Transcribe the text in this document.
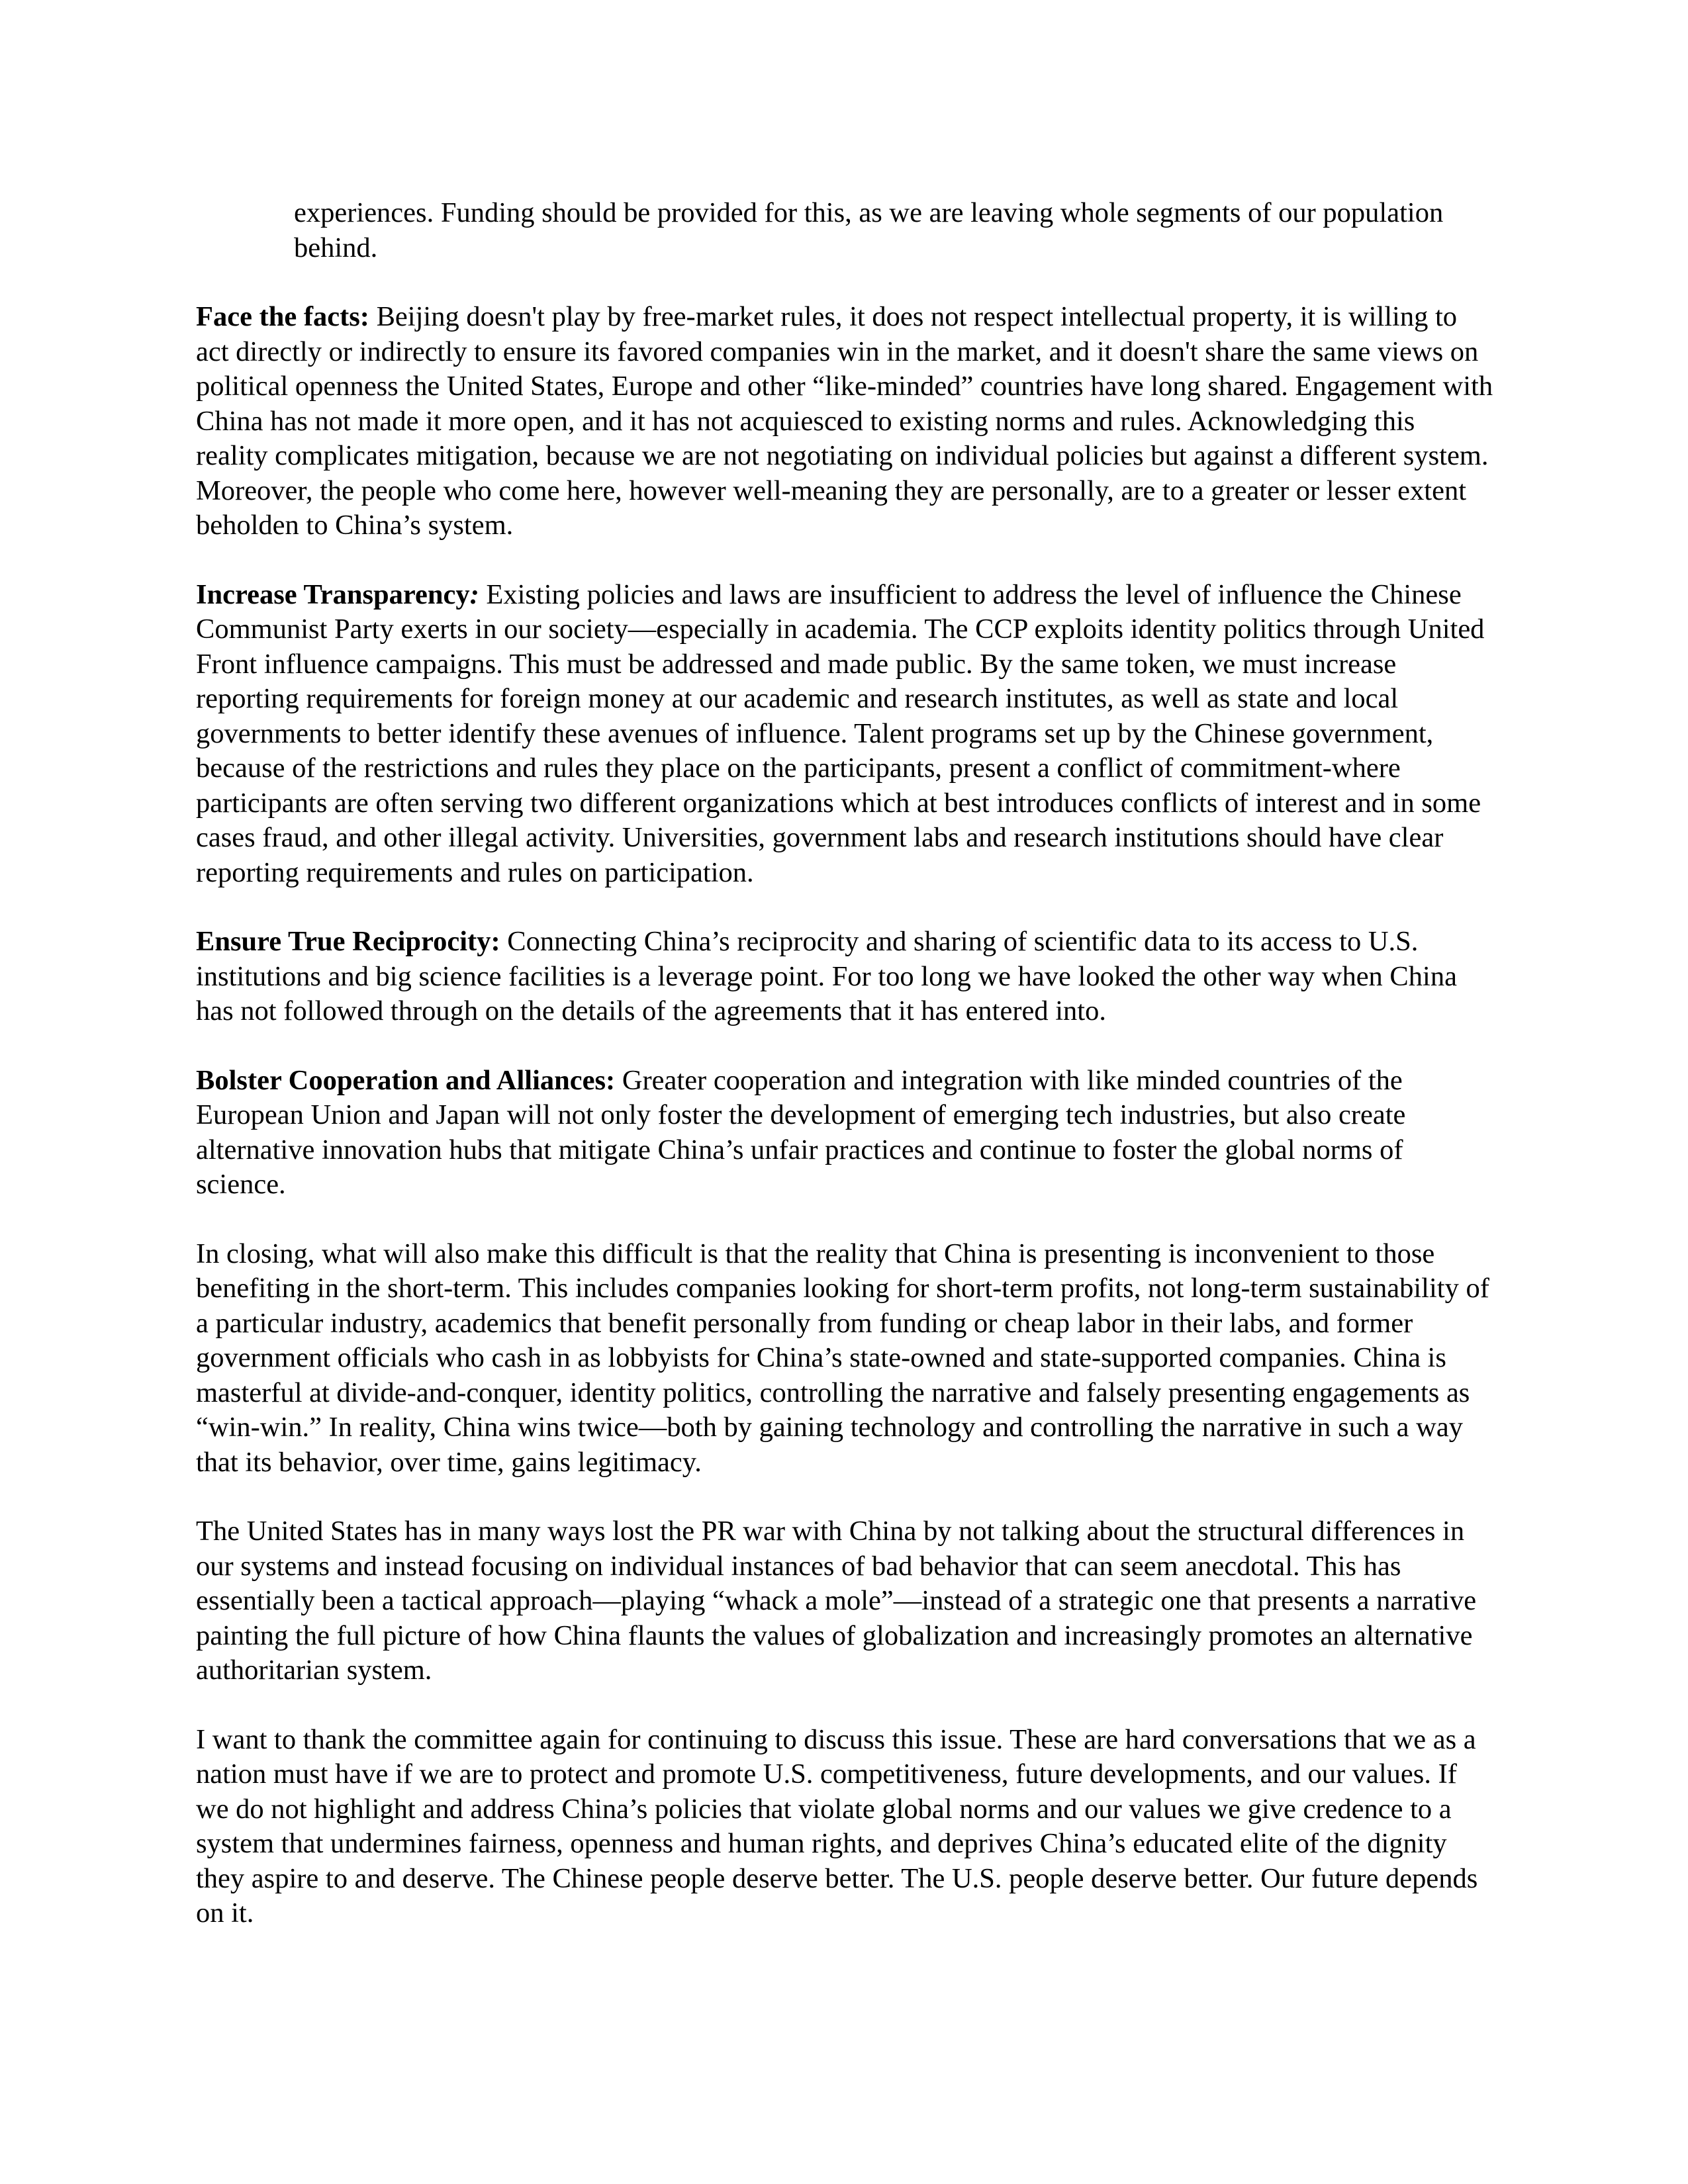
experiences. Funding should be provided for this, as we are leaving whole segments of our population behind.

Face the facts: Beijing doesn't play by free-market rules, it does not respect intellectual property, it is willing to act directly or indirectly to ensure its favored companies win in the market, and it doesn't share the same views on political openness the United States, Europe and other “like-minded” countries have long shared. Engagement with China has not made it more open, and it has not acquiesced to existing norms and rules. Acknowledging this reality complicates mitigation, because we are not negotiating on individual policies but against a different system. Moreover, the people who come here, however well-meaning they are personally, are to a greater or lesser extent beholden to China’s system.

Increase Transparency: Existing policies and laws are insufficient to address the level of influence the Chinese Communist Party exerts in our society—especially in academia. The CCP exploits identity politics through United Front influence campaigns. This must be addressed and made public. By the same token, we must increase reporting requirements for foreign money at our academic and research institutes, as well as state and local governments to better identify these avenues of influence. Talent programs set up by the Chinese government, because of the restrictions and rules they place on the participants, present a conflict of commitment-where participants are often serving two different organizations which at best introduces conflicts of interest and in some cases fraud, and other illegal activity. Universities, government labs and research institutions should have clear reporting requirements and rules on participation.

Ensure True Reciprocity: Connecting China’s reciprocity and sharing of scientific data to its access to U.S. institutions and big science facilities is a leverage point. For too long we have looked the other way when China has not followed through on the details of the agreements that it has entered into.

Bolster Cooperation and Alliances: Greater cooperation and integration with like minded countries of the European Union and Japan will not only foster the development of emerging tech industries, but also create alternative innovation hubs that mitigate China’s unfair practices and continue to foster the global norms of science.

In closing, what will also make this difficult is that the reality that China is presenting is inconvenient to those benefiting in the short-term. This includes companies looking for short-term profits, not long-term sustainability of a particular industry, academics that benefit personally from funding or cheap labor in their labs, and former government officials who cash in as lobbyists for China’s state-owned and state-supported companies. China is masterful at divide-and-conquer, identity politics, controlling the narrative and falsely presenting engagements as “win-win.” In reality, China wins twice—both by gaining technology and controlling the narrative in such a way that its behavior, over time, gains legitimacy.

The United States has in many ways lost the PR war with China by not talking about the structural differences in our systems and instead focusing on individual instances of bad behavior that can seem anecdotal. This has essentially been a tactical approach—playing “whack a mole”—instead of a strategic one that presents a narrative painting the full picture of how China flaunts the values of globalization and increasingly promotes an alternative authoritarian system.

I want to thank the committee again for continuing to discuss this issue. These are hard conversations that we as a nation must have if we are to protect and promote U.S. competitiveness, future developments, and our values. If we do not highlight and address China’s policies that violate global norms and our values we give credence to a system that undermines fairness, openness and human rights, and deprives China’s educated elite of the dignity they aspire to and deserve. The Chinese people deserve better. The U.S. people deserve better. Our future depends on it.
